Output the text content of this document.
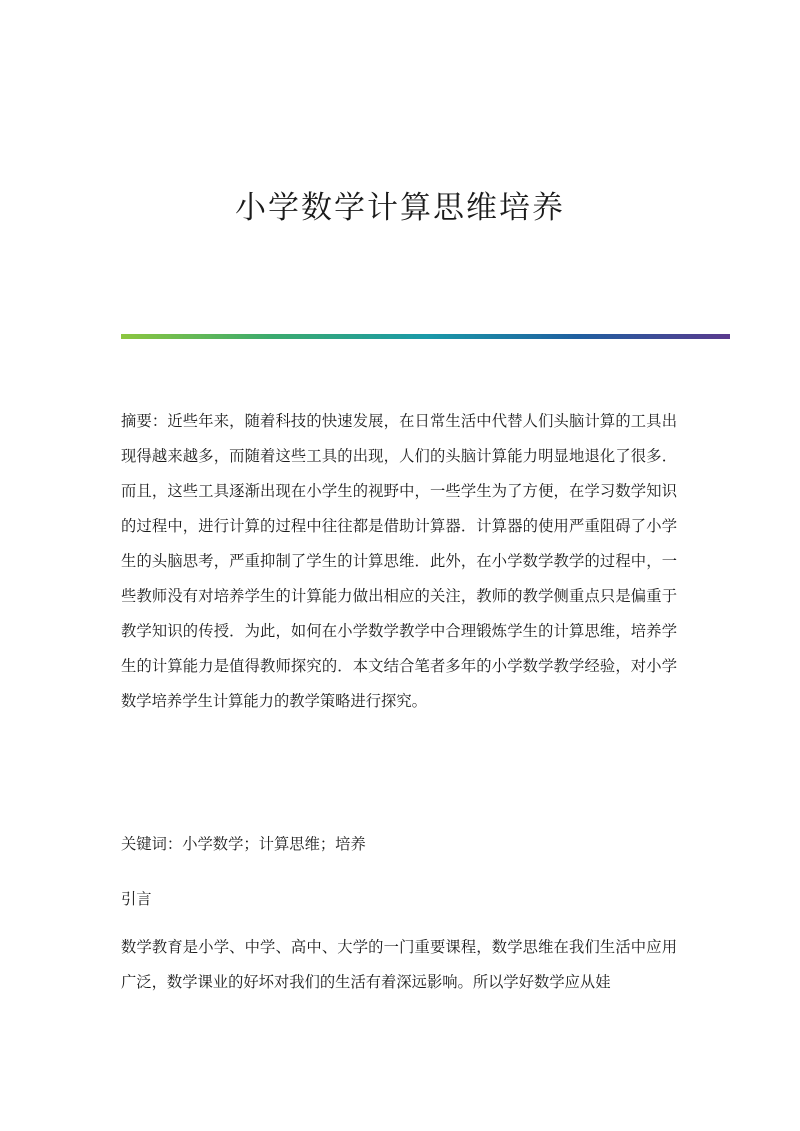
小学数学计算思维培养

摘要：近些年来，随着科技的快速发展，在日常生活中代替人们头脑计算的工具出现得越来越多，而随着这些工具的出现，人们的头脑计算能力明显地退化了很多．而且，这些工具逐渐出现在小学生的视野中，一些学生为了方便，在学习数学知识的过程中，进行计算的过程中往往都是借助计算器．计算器的使用严重阻碍了小学生的头脑思考，严重抑制了学生的计算思维．此外，在小学数学教学的过程中，一些教师没有对培养学生的计算能力做出相应的关注，教师的教学侧重点只是偏重于教学知识的传授．为此，如何在小学数学教学中合理锻炼学生的计算思维，培养学生的计算能力是值得教师探究的．本文结合笔者多年的小学数学教学经验，对小学数学培养学生计算能力的教学策略进行探究。

关键词：小学数学；计算思维；培养

引言

数学教育是小学、中学、高中、大学的一门重要课程，数学思维在我们生活中应用广泛，数学课业的好坏对我们的生活有着深远影响。所以学好数学应从娃
